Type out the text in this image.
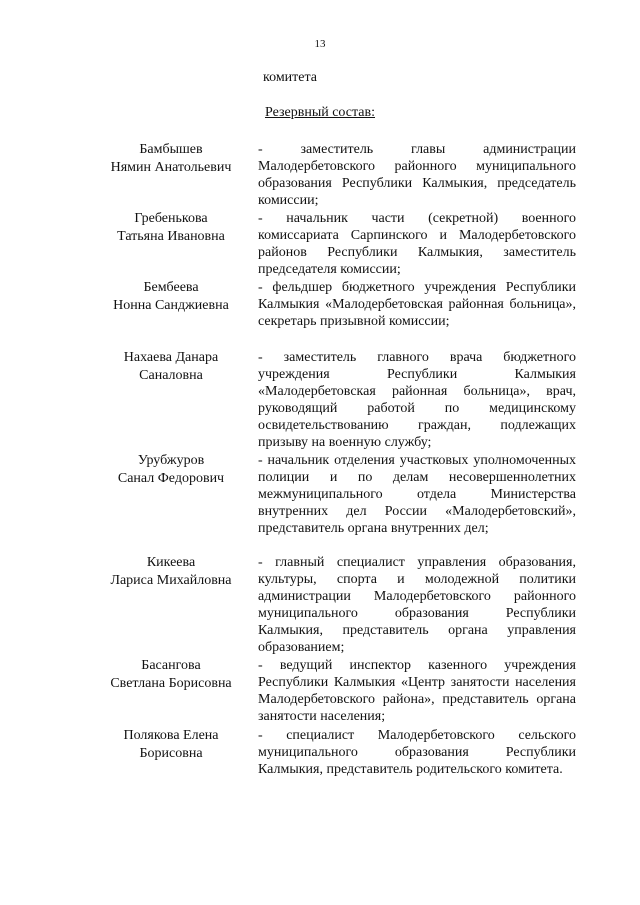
13
комитета
Резервный состав:
Бамбышев
Нямин Анатольевич
- заместитель главы администрации Малодербетовского районного муниципального образования Республики Калмыкия, председатель комиссии;
Гребенькова
Татьяна Ивановна
- начальник части (секретной) военного комиссариата Сарпинского и Малодербетовского районов Республики Калмыкия, заместитель председателя комиссии;
Бембеева
Нонна Санджиевна
- фельдшер бюджетного учреждения Республики Калмыкия «Малодербетовская районная больница», секретарь призывной комиссии;
Нахаева Данара
Саналовна
- заместитель главного врача бюджетного учреждения Республики Калмыкия «Малодербетовская районная больница», врач, руководящий работой по медицинскому освидетельствованию граждан, подлежащих призыву на военную службу;
Урубжуров
Санал Федорович
- начальник отделения участковых уполномоченных полиции и по делам несовершеннолетних межмуниципального отдела Министерства внутренних дел России «Малодербетовский», представитель органа внутренних дел;
Кикеева
Лариса Михайловна
- главный специалист управления образования, культуры, спорта и молодежной политики администрации Малодербетовского районного муниципального образования Республики Калмыкия, представитель органа управления образованием;
Басангова
Светлана Борисовна
- ведущий инспектор казенного учреждения Республики Калмыкия «Центр занятости населения Малодербетовского района», представитель органа занятости населения;
Полякова Елена
Борисовна
- специалист Малодербетовского сельского муниципального образования Республики Калмыкия, представитель родительского комитета.
